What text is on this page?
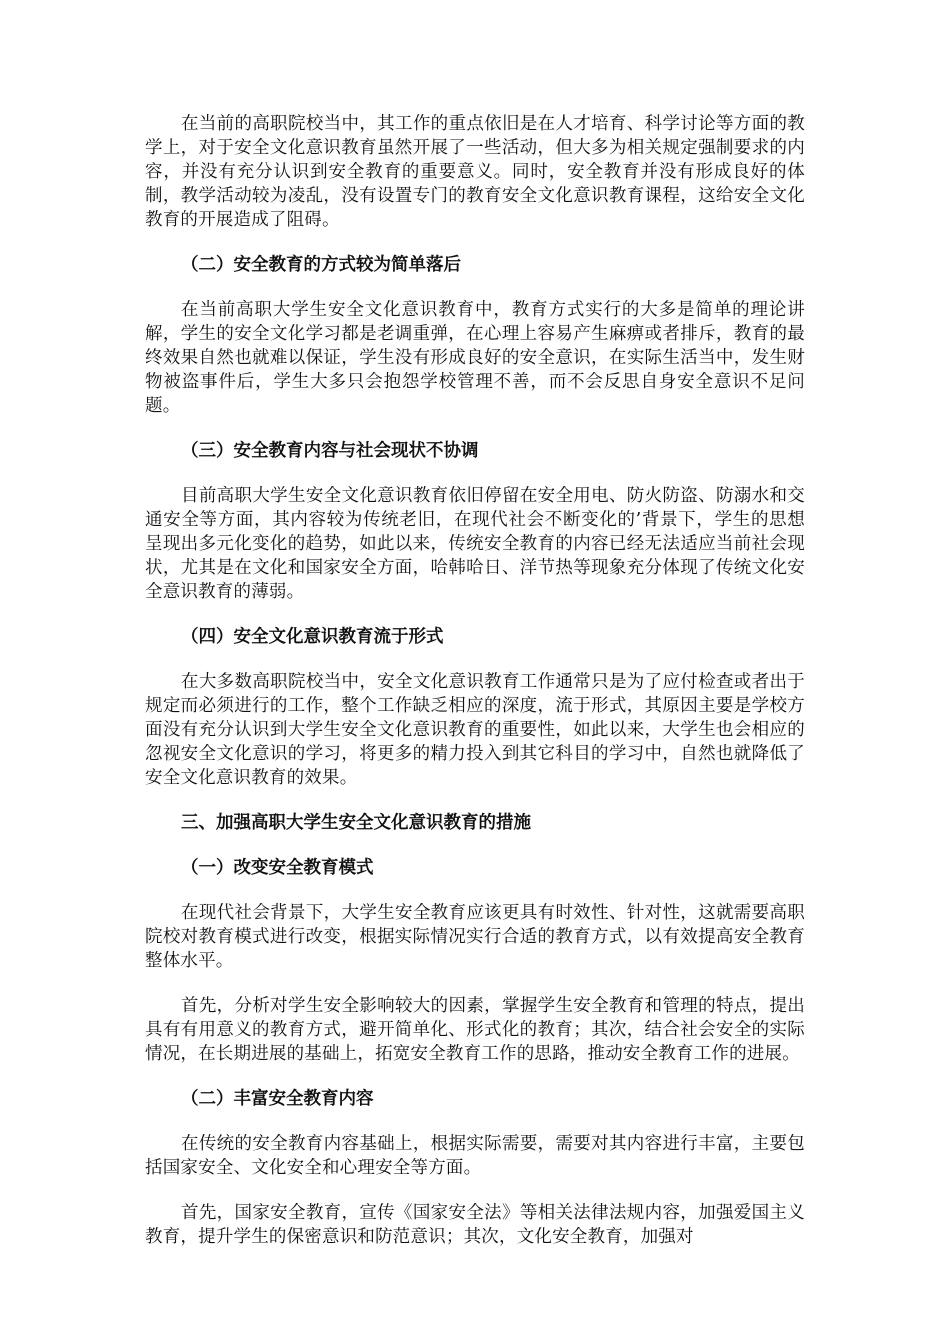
在当前的高职院校当中，其工作的重点依旧是在人才培育、科学讨论等方面的教学上，对于安全文化意识教育虽然开展了一些活动，但大多为相关规定强制要求的内容，并没有充分认识到安全教育的重要意义。同时，安全教育并没有形成良好的体制，教学活动较为凌乱，没有设置专门的教育安全文化意识教育课程，这给安全文化教育的开展造成了阻碍。

（二）安全教育的方式较为简单落后

在当前高职大学生安全文化意识教育中，教育方式实行的大多是简单的理论讲解，学生的安全文化学习都是老调重弹，在心理上容易产生麻痹或者排斥，教育的最终效果自然也就难以保证，学生没有形成良好的安全意识，在实际生活当中，发生财物被盗事件后，学生大多只会抱怨学校管理不善，而不会反思自身安全意识不足问题。

（三）安全教育内容与社会现状不协调

目前高职大学生安全文化意识教育依旧停留在安全用电、防火防盗、防溺水和交通安全等方面，其内容较为传统老旧，在现代社会不断变化的’背景下，学生的思想呈现出多元化变化的趋势，如此以来，传统安全教育的内容已经无法适应当前社会现状，尤其是在文化和国家安全方面，哈韩哈日、洋节热等现象充分体现了传统文化安全意识教育的薄弱。

（四）安全文化意识教育流于形式

在大多数高职院校当中，安全文化意识教育工作通常只是为了应付检查或者出于规定而必须进行的工作，整个工作缺乏相应的深度，流于形式，其原因主要是学校方面没有充分认识到大学生安全文化意识教育的重要性，如此以来，大学生也会相应的忽视安全文化意识的学习，将更多的精力投入到其它科目的学习中，自然也就降低了安全文化意识教育的效果。

三、加强高职大学生安全文化意识教育的措施

（一）改变安全教育模式

在现代社会背景下，大学生安全教育应该更具有时效性、针对性，这就需要高职院校对教育模式进行改变，根据实际情况实行合适的教育方式，以有效提高安全教育整体水平。

首先，分析对学生安全影响较大的因素，掌握学生安全教育和管理的特点，提出具有有用意义的教育方式，避开简单化、形式化的教育；其次，结合社会安全的实际情况，在长期进展的基础上，拓宽安全教育工作的思路，推动安全教育工作的进展。

（二）丰富安全教育内容

在传统的安全教育内容基础上，根据实际需要，需要对其内容进行丰富，主要包括国家安全、文化安全和心理安全等方面。

首先，国家安全教育，宣传《国家安全法》等相关法律法规内容，加强爱国主义教育，提升学生的保密意识和防范意识；其次，文化安全教育，加强对
